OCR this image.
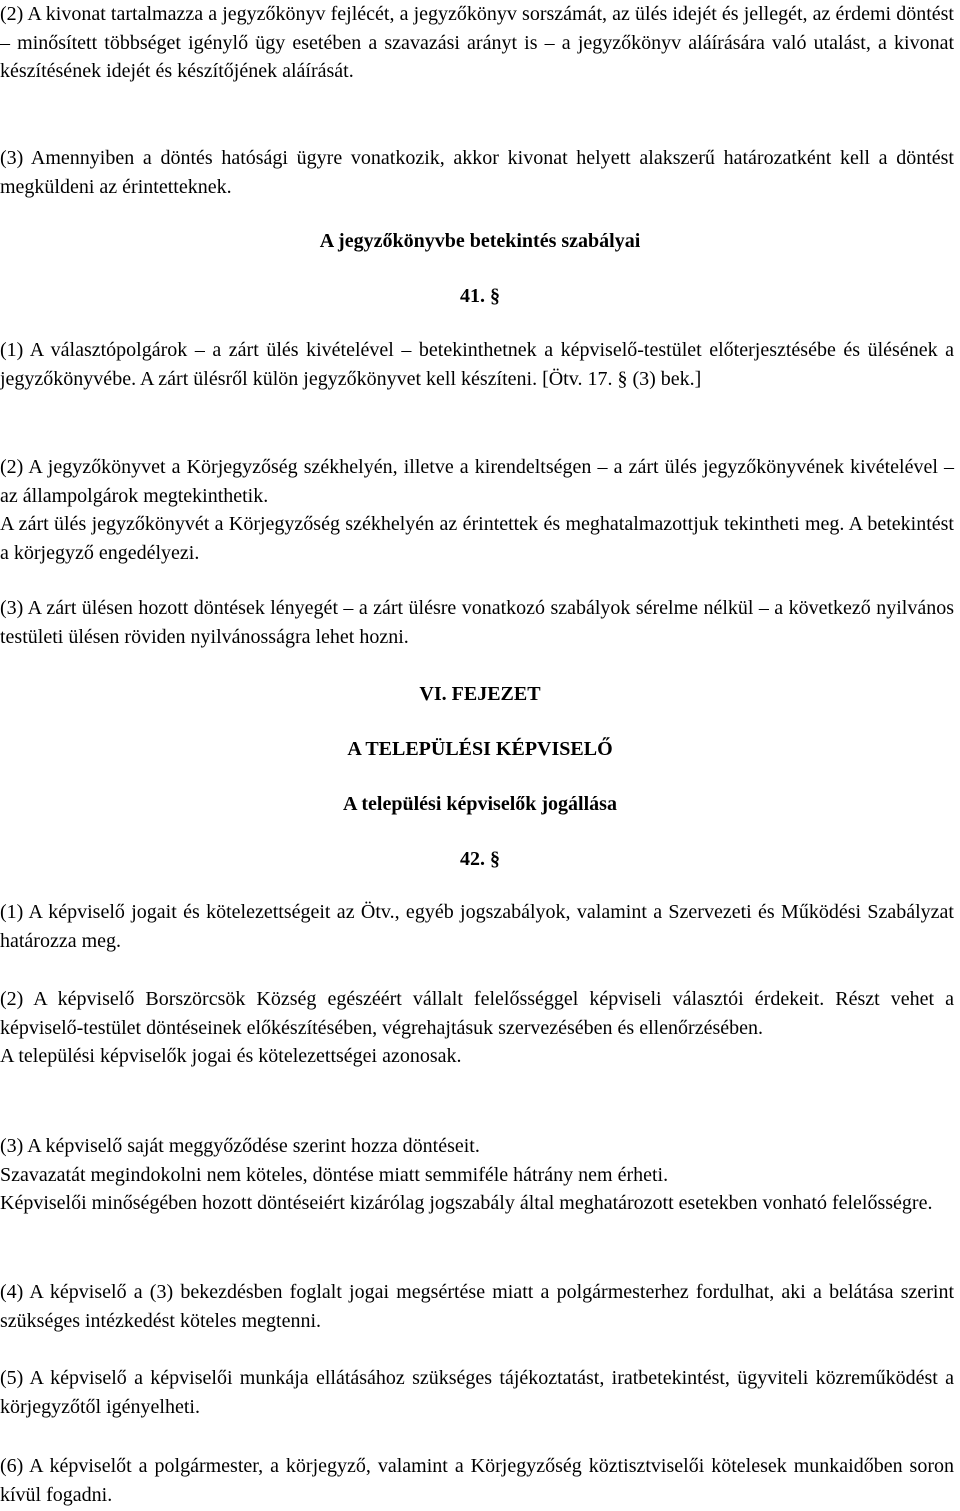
(2) A kivonat tartalmazza a jegyzőkönyv fejlécét, a jegyzőkönyv sorszámát, az ülés idejét és jellegét, az érdemi döntést – minősített többséget igénylő ügy esetében a szavazási arányt is – a jegyzőkönyv aláírására való utalást, a kivonat készítésének idejét és készítőjének aláírását.

(3) Amennyiben a döntés hatósági ügyre vonatkozik, akkor kivonat helyett alakszerű határozatként kell a döntést megküldeni az érintetteknek.

A jegyzőkönyvbe betekintés szabályai

41. §

(1) A választópolgárok – a zárt ülés kivételével – betekinthetnek a képviselő-testület előterjesztésébe és ülésének a jegyzőkönyvébe. A zárt ülésről külön jegyzőkönyvet kell készíteni. [Ötv. 17. § (3) bek.]

(2) A jegyzőkönyvet a Körjegyzőség székhelyén, illetve a kirendeltségen – a zárt ülés jegyzőkönyvének kivételével – az állampolgárok megtekinthetik.

A zárt ülés jegyzőkönyvét a Körjegyzőség székhelyén az érintettek és meghatalmazottjuk tekintheti meg. A betekintést a körjegyző engedélyezi.

(3) A zárt ülésen hozott döntések lényegét – a zárt ülésre vonatkozó szabályok sérelme nélkül – a következő nyilvános testületi ülésen röviden nyilvánosságra lehet hozni.

VI. FEJEZET

A TELEPÜLÉSI KÉPVISELŐ

A települési képviselők jogállása

42. §

(1) A képviselő jogait és kötelezettségeit az Ötv., egyéb jogszabályok, valamint a Szervezeti és Működési Szabályzat határozza meg.

(2) A képviselő Borszörcsök Község egészéért vállalt felelősséggel képviseli választói érdekeit. Részt vehet a képviselő-testület döntéseinek előkészítésében, végrehajtásuk szervezésében és ellenőrzésében.

A települési képviselők jogai és kötelezettségei azonosak.

(3) A képviselő saját meggyőződése szerint hozza döntéseit.

Szavazatát megindokolni nem köteles, döntése miatt semmiféle hátrány nem érheti.

Képviselői minőségében hozott döntéseiért kizárólag jogszabály által meghatározott esetekben vonható felelősségre.

(4) A képviselő a (3) bekezdésben foglalt jogai megsértése miatt a polgármesterhez fordulhat, aki a belátása szerint szükséges intézkedést köteles megtenni.

(5) A képviselő a képviselői munkája ellátásához szükséges tájékoztatást, iratbetekintést, ügyviteli közreműködést a körjegyzőtől igényelheti.

(6) A képviselőt a polgármester, a körjegyző, valamint a Körjegyzőség köztisztviselői kötelesek munkaidőben soron kívül fogadni.
